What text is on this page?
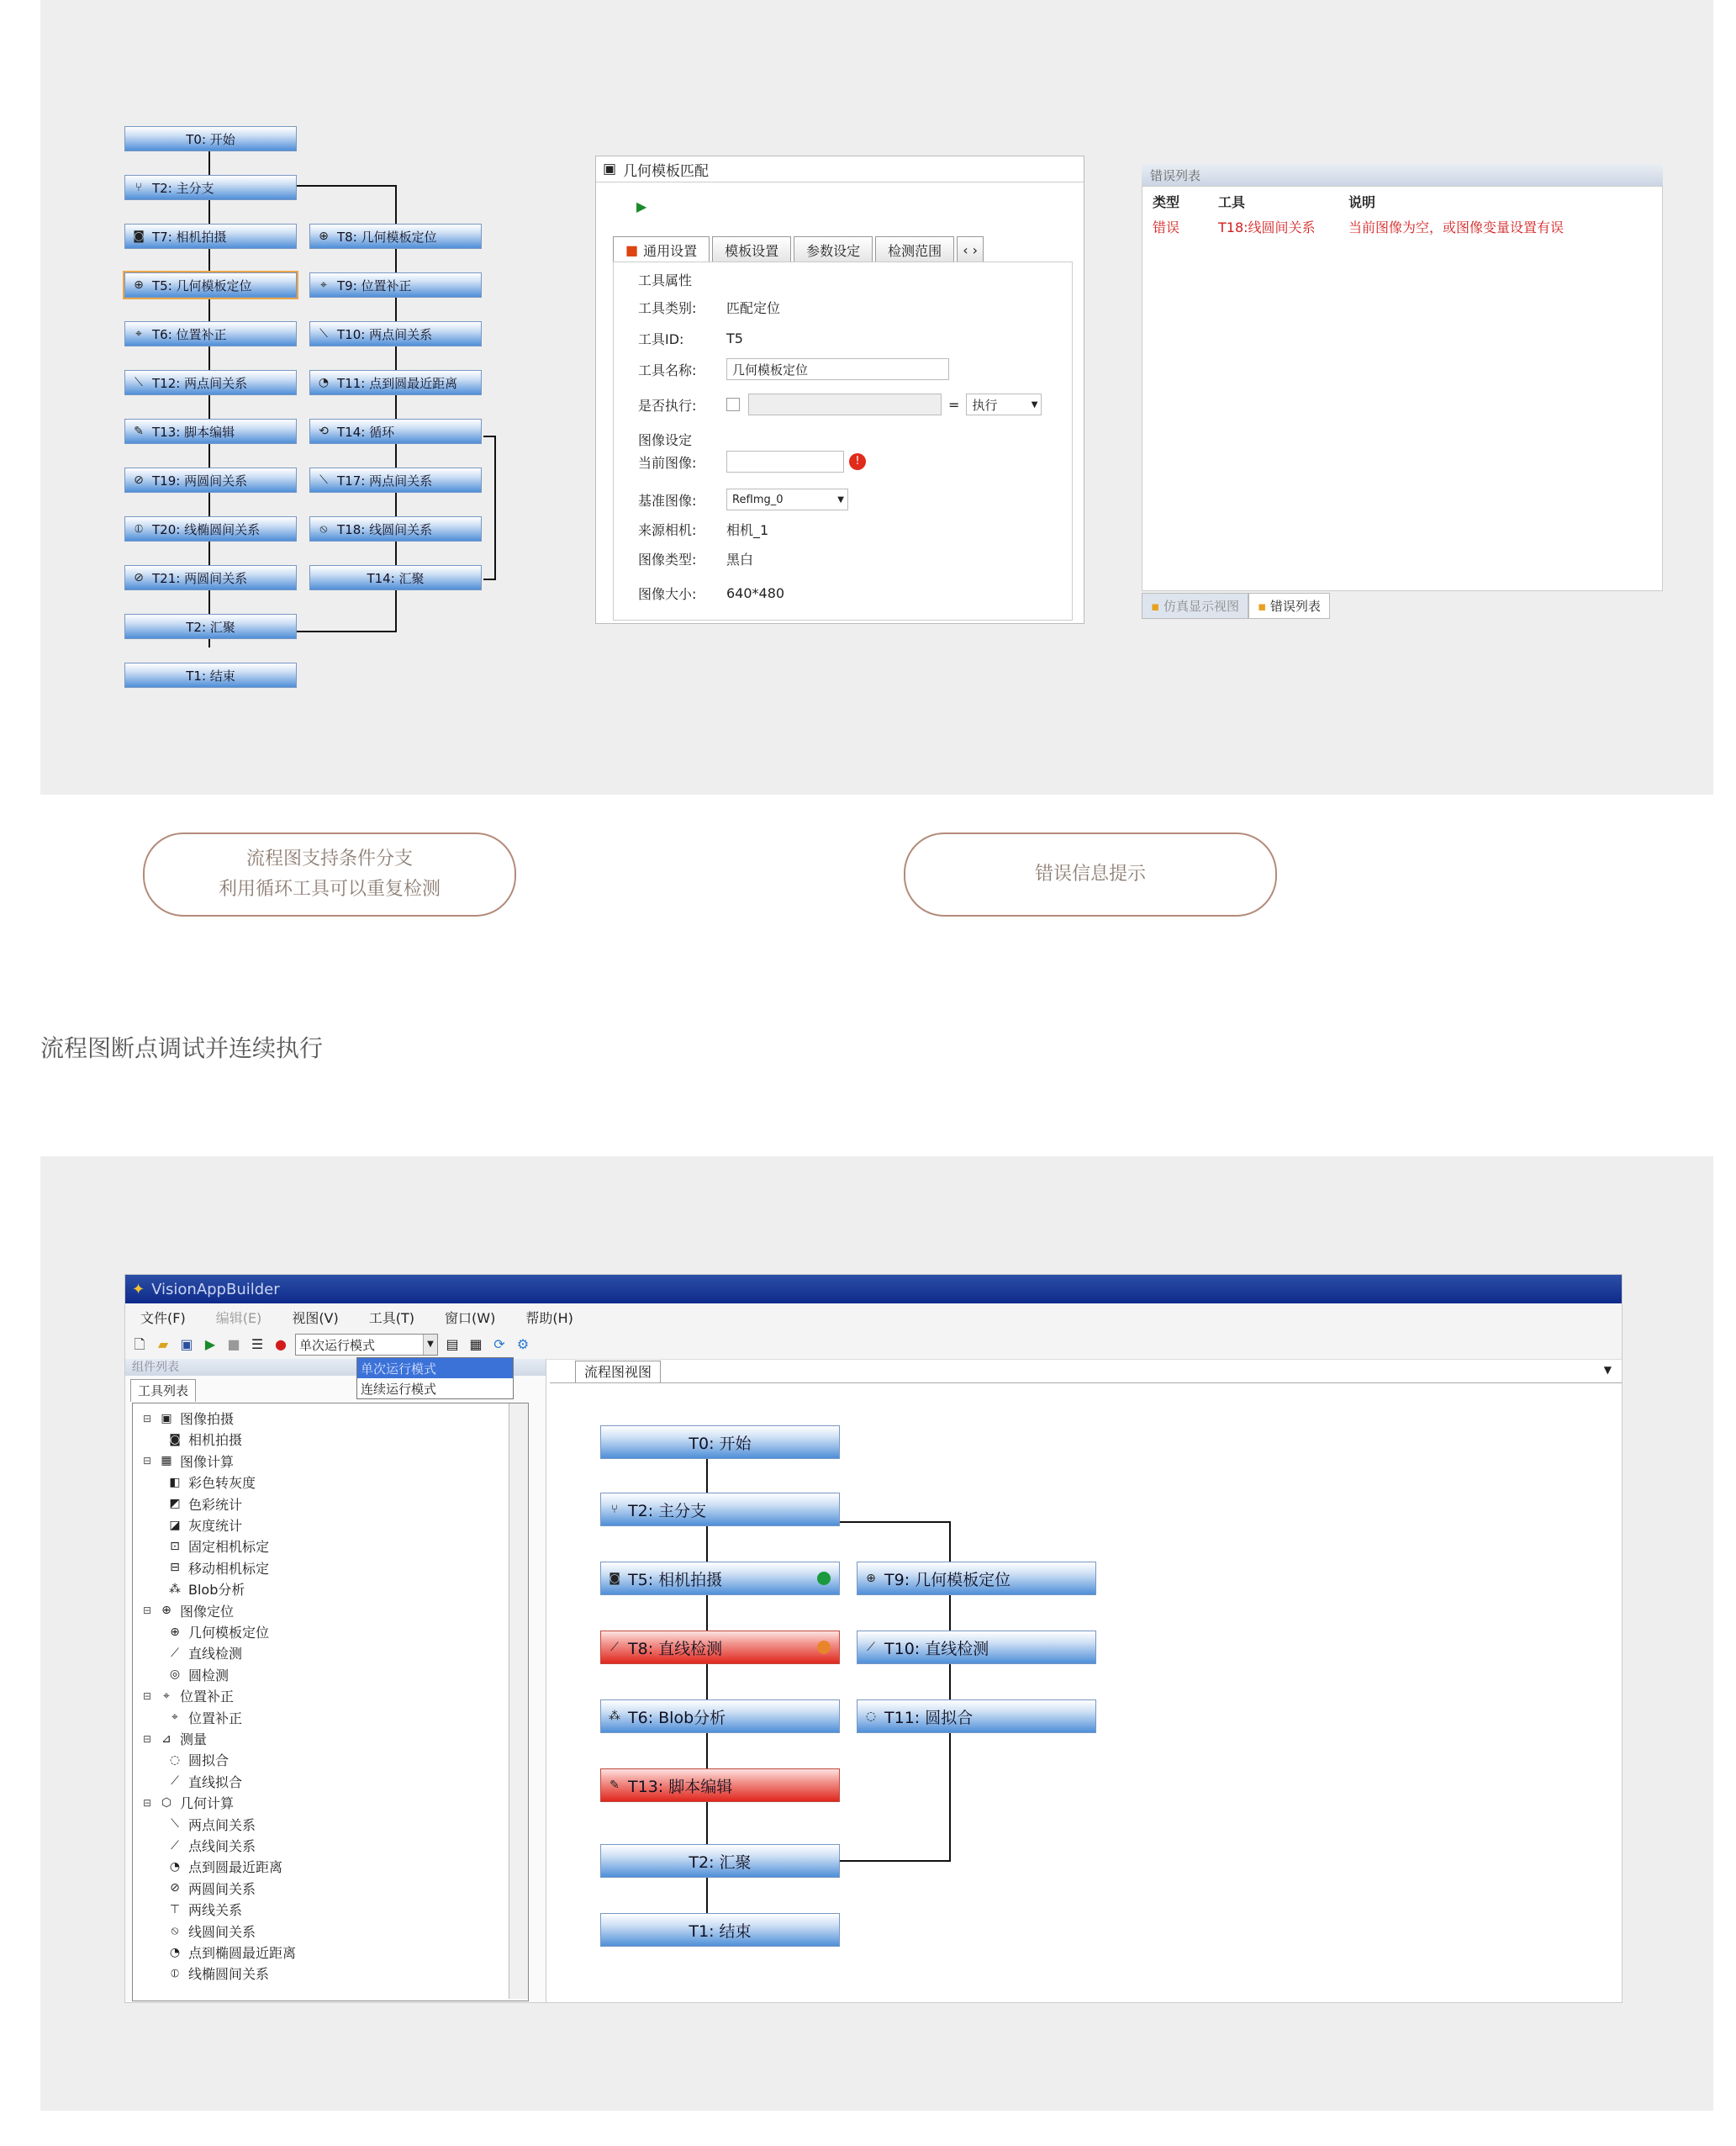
T0: 开始
⑂ T2: 主分支
◙ T7: 相机拍摄	⊕ T8: 几何模板定位
⊕ T5: 几何模板定位	⌖ T9: 位置补正
⌖ T6: 位置补正	⟍ T10: 两点间关系
⟍ T12: 两点间关系	◔ T11: 点到圆最近距离
✎ T13: 脚本编辑	⟲ T14: 循环
⊘ T19: 两圆间关系	⟍ T17: 两点间关系
⦶ T20: 线椭圆间关系	⦸ T18: 线圆间关系
⊘ T21: 两圆间关系	T14: 汇聚
T2: 汇聚
T1: 结束
▣ 几何模板匹配
▶
■ 通用设置 模板设置 参数设定 检测范围	‹ ›
工具属性
工具类别:	匹配定位
工具ID:	T5
工具名称:	几何模板定位
是否执行:	= 执行	▼
图像设定
当前图像:	!
基准图像:	RefImg_0	▼
来源相机:	相机_1
图像类型:	黑白
图像大小:	640*480
错误列表
类型	工具	说明
错误	T18:线圆间关系	当前图像为空，或图像变量设置有误
▪ 仿真显示视图	▪ 错误列表
流程图支持条件分支
利用循环工具可以重复检测
错误信息提示
流程图断点调试并连续执行
✦ VisionAppBuilder
文件(F) 编辑(E) 视图(V) 工具(T) 窗口(W) 帮助(H)
🗋 ▰ ▣ ▶ ■ ☰ ● 单次运行模式	▼ ▤ ▦ ⟳ ⚙
单次运行模式
连续运行模式
组件列表
工具列表
⊟ ▣ 图像拍摄
◙ 相机拍摄
⊟ ▦ 图像计算
◧ 彩色转灰度
◩ 色彩统计
◪ 灰度统计
⊡ 固定相机标定
⊟ 移动相机标定
⁂ Blob分析
⊟ ⊕ 图像定位
⊕ 几何模板定位
⟋ 直线检测
◎ 圆检测
⊟ ⌖ 位置补正
⌖ 位置补正
⊟ ⊿ 测量
◌ 圆拟合
⟋ 直线拟合
⊟ ⬡ 几何计算
⟍ 两点间关系
⟋ 点线间关系
◔ 点到圆最近距离
⊘ 两圆间关系
⊤ 两线关系
⦸ 线圆间关系
◔ 点到椭圆最近距离
⦶ 线椭圆间关系
流程图视图	▼
T0: 开始
⑂ T2: 主分支
◙ T5: 相机拍摄	⊕ T9: 几何模板定位
⟋ T8: 直线检测	⟋ T10: 直线检测
⁂ T6: Blob分析	◌ T11: 圆拟合
✎ T13: 脚本编辑
T2: 汇聚
T1: 结束
